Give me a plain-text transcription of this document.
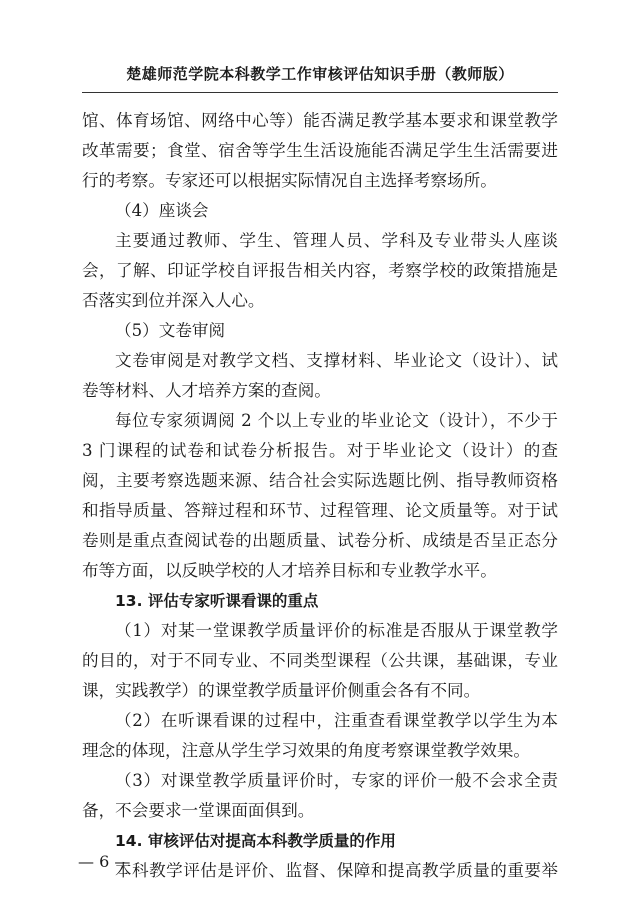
楚雄师范学院本科教学工作审核评估知识手册（教师版）
馆、体育场馆、网络中心等）能否满足教学基本要求和课堂教学
改革需要；食堂、宿舍等学生生活设施能否满足学生生活需要进
行的考察。专家还可以根据实际情况自主选择考察场所。
（4）座谈会
主要通过教师、学生、管理人员、学科及专业带头人座谈
会，了解、印证学校自评报告相关内容，考察学校的政策措施是
否落实到位并深入人心。
（5）文卷审阅
文卷审阅是对教学文档、支撑材料、毕业论文（设计）、试
卷等材料、人才培养方案的查阅。
每位专家须调阅 2 个以上专业的毕业论文（设计），不少于
3 门课程的试卷和试卷分析报告。对于毕业论文（设计）的查
阅，主要考察选题来源、结合社会实际选题比例、指导教师资格
和指导质量、答辩过程和环节、过程管理、论文质量等。对于试
卷则是重点查阅试卷的出题质量、试卷分析、成绩是否呈正态分
布等方面，以反映学校的人才培养目标和专业教学水平。
13. 评估专家听课看课的重点
（1）对某一堂课教学质量评价的标准是否服从于课堂教学
的目的，对于不同专业、不同类型课程（公共课，基础课，专业
课，实践教学）的课堂教学质量评价侧重会各有不同。
（2）在听课看课的过程中，注重查看课堂教学以学生为本
理念的体现，注意从学生学习效果的角度考察课堂教学效果。
（3）对课堂教学质量评价时，专家的评价一般不会求全责
备，不会要求一堂课面面俱到。
14. 审核评估对提高本科教学质量的作用
本科教学评估是评价、监督、保障和提高教学质量的重要举
— 6 —
